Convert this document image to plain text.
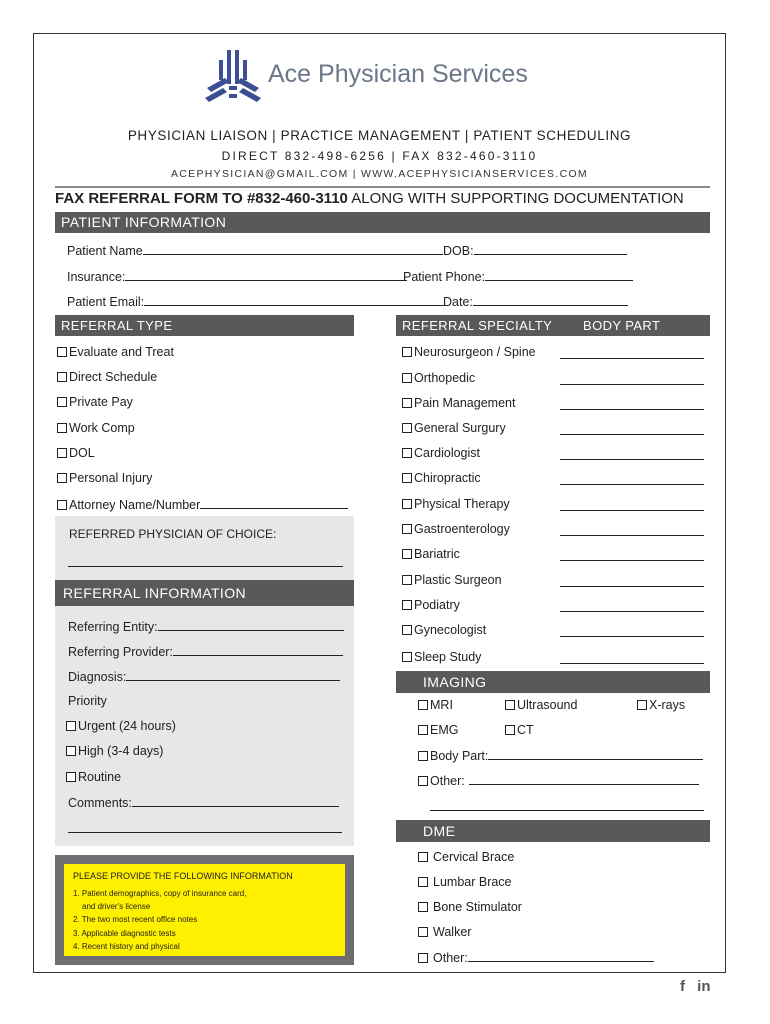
Ace Physician Services
PHYSICIAN LIAISON | PRACTICE MANAGEMENT | PATIENT SCHEDULING
DIRECT 832-498-6256 | FAX 832-460-3110
ACEPHYSICIAN@GMAIL.COM | WWW.ACEPHYSICIANSERVICES.COM
FAX REFERRAL FORM TO #832-460-3110 ALONG WITH SUPPORTING DOCUMENTATION
PATIENT INFORMATION
Patient Name	DOB:
Insurance:	Patient Phone:
Patient Email:	Date:
REFERRAL TYPE	REFERRAL SPECIALTY BODY PART
Evaluate and Treat
Direct Schedule
Private Pay
Work Comp
DOL
Personal Injury
Attorney Name/Number
REFERRED PHYSICIAN OF CHOICE:
REFERRAL INFORMATION
Referring Entity:
Referring Provider:
Diagnosis:
Priority
Urgent (24 hours)
High (3-4 days)
Routine
Comments:
PLEASE PROVIDE THE FOLLOWING INFORMATION
1. Patient demographics, copy of insurance card,
and driver's license
2. The two most recent office notes
3. Applicable diagnostic tests
4. Recent history and physical
Neurosurgeon / Spine
Orthopedic
Pain Management
General Surgury
Cardiologist
Chiropractic
Physical Therapy
Gastroenterology
Bariatric
Plastic Surgeon
Podiatry
Gynecologist
Sleep Study
IMAGING
MRI	Ultrasound	X-rays
EMG	CT
Body Part:
Other:
DME
Cervical Brace
Lumbar Brace
Bone Stimulator
Walker
Other:
f in
